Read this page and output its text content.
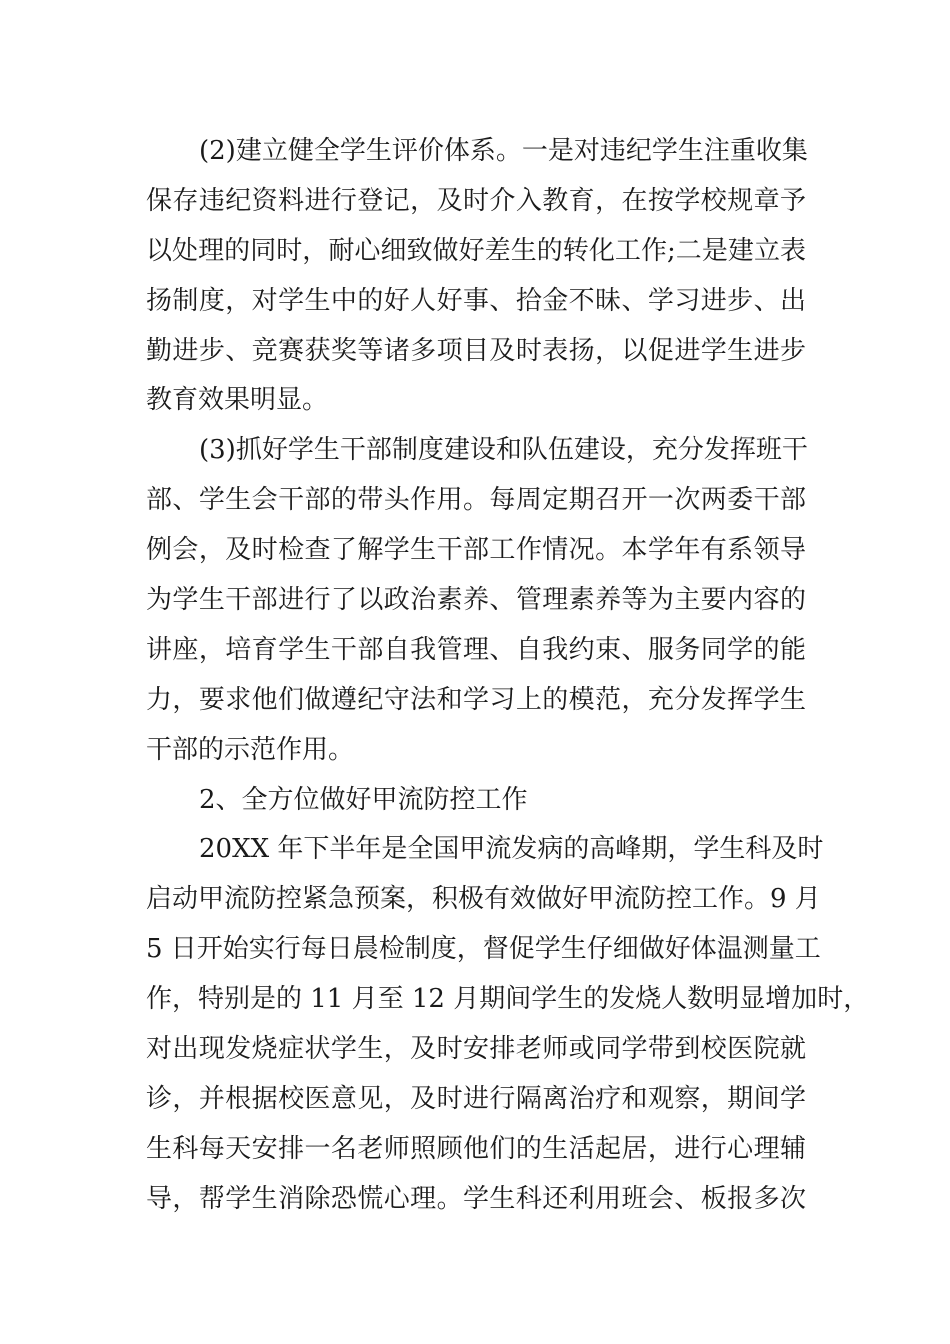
(2)建立健全学生评价体系。一是对违纪学生注重收集
保存违纪资料进行登记，及时介入教育，在按学校规章予
以处理的同时，耐心细致做好差生的转化工作;二是建立表
扬制度，对学生中的好人好事、拾金不昧、学习进步、出
勤进步、竞赛获奖等诸多项目及时表扬，以促进学生进步
教育效果明显。
(3)抓好学生干部制度建设和队伍建设，充分发挥班干
部、学生会干部的带头作用。每周定期召开一次两委干部
例会，及时检查了解学生干部工作情况。本学年有系领导
为学生干部进行了以政治素养、管理素养等为主要内容的
讲座，培育学生干部自我管理、自我约束、服务同学的能
力，要求他们做遵纪守法和学习上的模范，充分发挥学生
干部的示范作用。
2、全方位做好甲流防控工作
20XX 年下半年是全国甲流发病的高峰期，学生科及时
启动甲流防控紧急预案，积极有效做好甲流防控工作。9 月
5 日开始实行每日晨检制度，督促学生仔细做好体温测量工
作，特别是的 11 月至 12 月期间学生的发烧人数明显增加时，
对出现发烧症状学生，及时安排老师或同学带到校医院就
诊，并根据校医意见，及时进行隔离治疗和观察，期间学
生科每天安排一名老师照顾他们的生活起居，进行心理辅
导，帮学生消除恐慌心理。学生科还利用班会、板报多次
